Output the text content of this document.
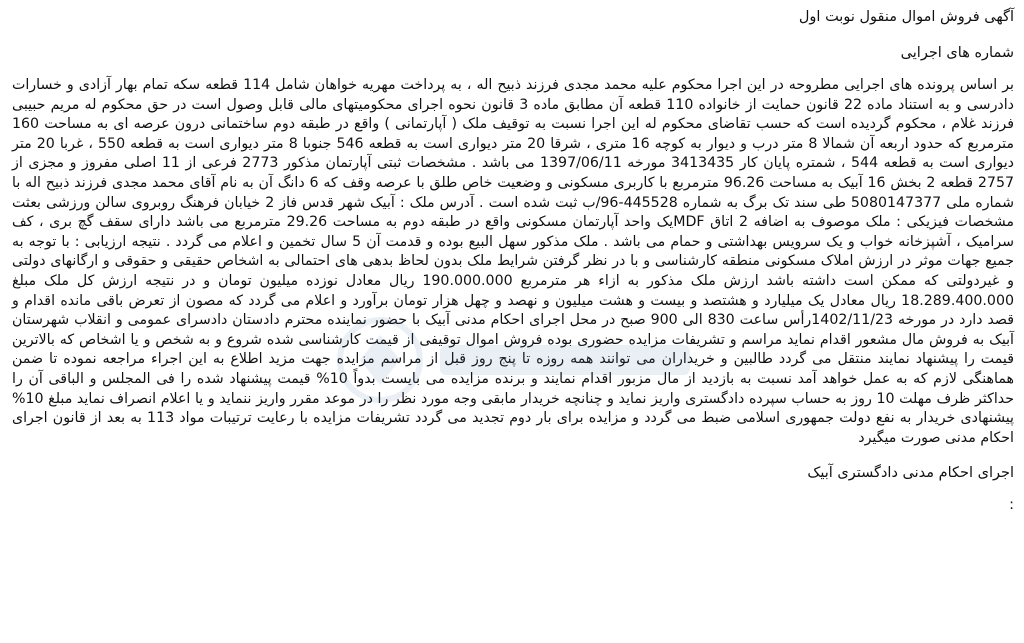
آگهی فروش اموال منقول نوبت اول
شماره های اجرایی

بر اساس پرونده های اجرایی مطروحه در این اجرا محکوم علیه محمد مجدی فرزند ذبیح اله ، به پرداخت مهریه خواهان شامل 114 قطعه سکه تمام بهار آزادی و خسارات دادرسی و به استناد ماده 22 قانون حمایت از خانواده 110 قطعه آن مطابق ماده 3 قانون نحوه اجرای محکومیتهای مالی قابل وصول است در حق محکوم له مریم حبیبی فرزند غلام ، محکوم گردیده است که حسب تقاضای محکوم له این اجرا نسبت به توقیف ملک ( آپارتمانی ) واقع در طبقه دوم ساختمانی درون عرصه ای به مساحت 160 مترمربع که حدود اربعه آن شمالا 8 متر درب و دیوار به کوچه 16 متری ، شرقا 20 متر دیواری است به قطعه 546 جنوبا 8 متر دیواری است به قطعه 550 ، غربا 20 متر دیواری است به قطعه 544 ، شمتره پایان کار 3413435 مورخه 1397/06/11 می باشد . مشخصات ثبتی آپارتمان مذکور 2773 فرعی از 11 اصلی مفروز و مجزی از 2757 قطعه 2 بخش 16 آبیک به مساحت 96.26 مترمربع با کاربری مسکونی و وضعیت خاص طلق با عرصه وقف که 6 دانگ آن به نام آقای محمد مجدی فرزند ذبیح اله با شماره ملی 5080147377 طی سند تک برگ به شماره 445528-96/ب ثبت شده است . آدرس ملک : آبیک شهر قدس فاز 2 خیابان فرهنگ روبروی سالن ورزشی بعثت مشخصات فیزیکی : ملک موصوف به اضافه 2 اتاق MDFیک واحد آپارتمان مسکونی واقع در طبقه دوم به مساحت 29.26 مترمربع می باشد دارای سقف گچ بری ، کف سرامیک ، آشپزخانه خواب و یک سرویس بهداشتی و حمام می باشد . ملک مذکور سهل البیع بوده و قدمت آن 5 سال تخمین و اعلام می گردد . نتیجه ارزیابی : با توجه به جمیع جهات موثر در ارزش املاک مسکونی منطقه کارشناسی و با در نظر گرفتن شرایط ملک بدون لحاظ بدهی های احتمالی به اشخاص حقیقی و حقوقی و ارگانهای دولتی و غیردولتی که ممکن است داشته باشد ارزش ملک مذکور به ازاء هر مترمربع 190.000.000 ریال معادل نوزده میلیون تومان و در نتیجه ارزش کل ملک مبلغ 18.289.400.000 ریال معادل یک میلیارد و هشتصد و بیست و هشت میلیون و نهصد و چهل هزار تومان برآورد و اعلام می گردد که مصون از تعرض باقی مانده اقدام و قصد دارد در مورخه 1402/11/23رأس ساعت 830 الی 900 صبح در محل اجرای احکام مدنی آبیک با حضور نماینده محترم دادستان دادسرای عمومی و انقلاب شهرستان آبیک به فروش مال مشعور اقدام نماید مراسم و تشریفات مزایده حضوری بوده فروش اموال توقیفی از قیمت کارشناسی شده شروع و به شخص و یا اشخاص که بالاترین قیمت را پیشنهاد نمایند منتقل می گردد طالبین و خریداران می توانند همه روزه تا پنج روز قبل از مراسم مزایده جهت مزید اطلاع به این اجراء مراجعه نموده تا ضمن هماهنگی لازم که به عمل خواهد آمد نسبت به بازدید از مال مزبور اقدام نمایند و برنده مزایده می بایست بدواً 10% قیمت پیشنهاد شده را فی المجلس و الباقی آن را حداکثر ظرف مهلت 10 روز به حساب سپرده دادگستری واریز نماید و چنانچه خریدار مابقی وجه مورد نظر را در موعد مقرر واریز ننماید و یا اعلام انصراف نماید مبلغ 10% پیشنهادی خریدار به نفع دولت جمهوری اسلامی ضبط می گردد و مزایده برای بار دوم تجدید می گردد تشریفات مزایده با رعایت ترتیبات مواد 113 به بعد از قانون اجرای احکام مدنی صورت میگیرد

اجرای احکام مدنی دادگستری آبیک
:
